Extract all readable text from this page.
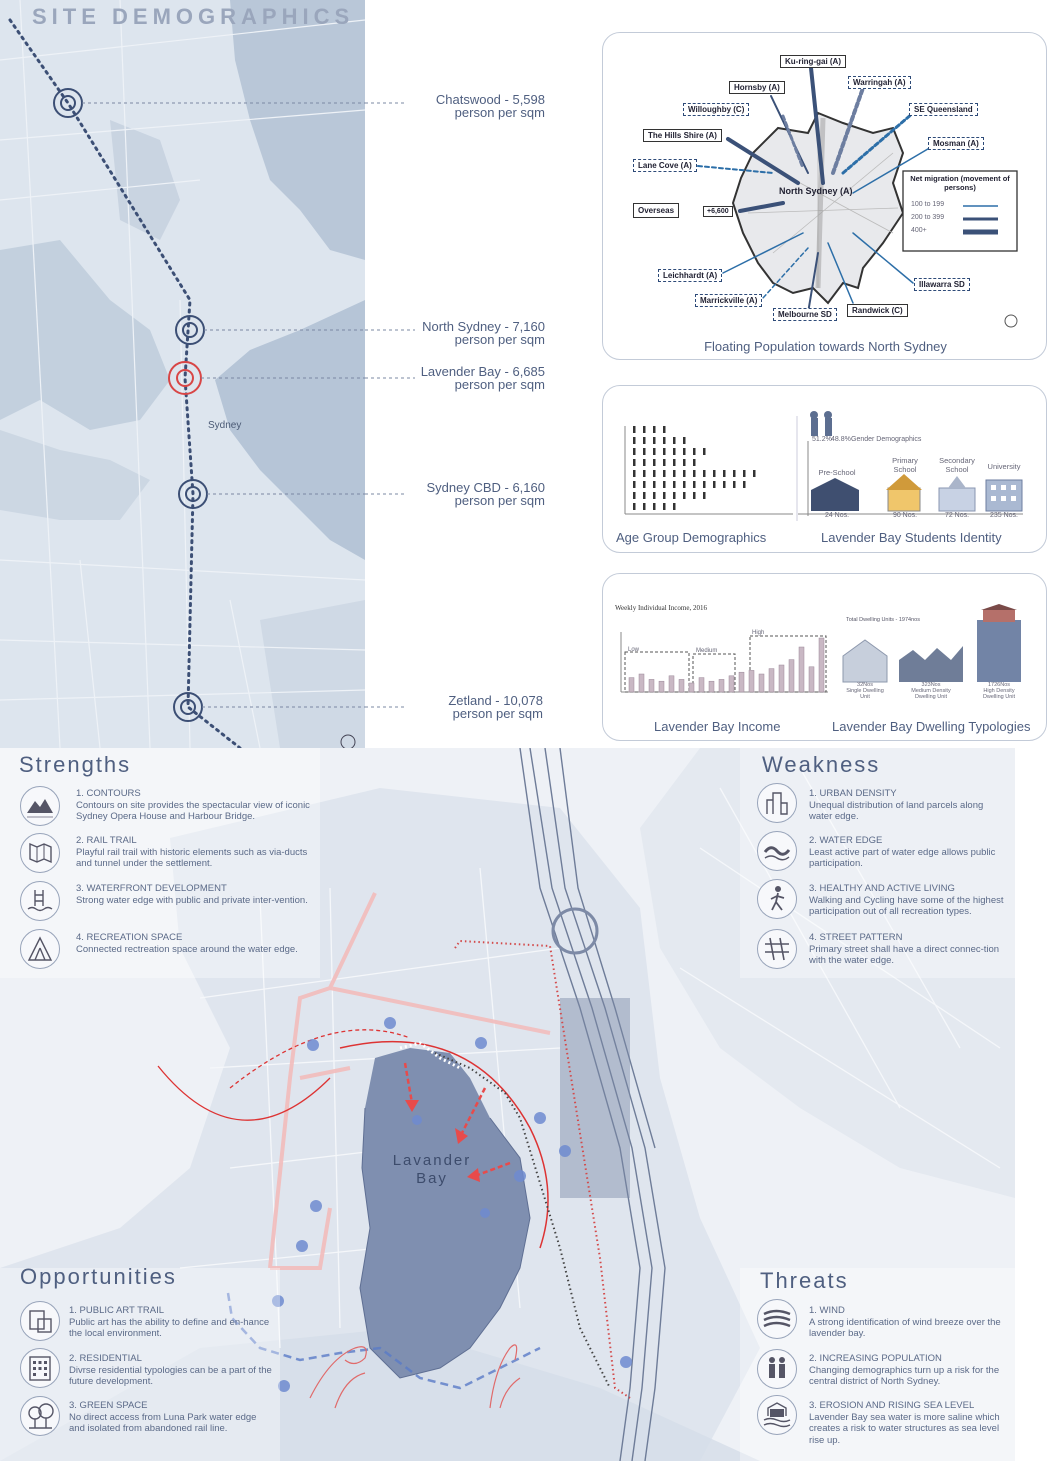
SITE DEMOGRAPHICS
Sydney
Chatswood - 5,598
person per sqm
North Sydney - 7,160
person per sqm
Lavender Bay - 6,685
person per sqm
Sydney CBD - 6,160
person per sqm
Zetland - 10,078
person per sqm
Ku-ring-gai (A)
Warringah (A)
Hornsby (A)
Willoughby (C)	SE Queensland
The Hills Shire (A)
Mosman (A)
Lane Cove (A)
North Sydney (A)
Overseas	+6,600
Leichhardt (A)
Marrickville (A)
Melbourne SD	Randwick (C)
Illawarra SD
Net migration (movement of persons)
100 to 199
200 to 399
400+
Floating Population towards North Sydney
51.2% 48.8% Gender Demographics
Pre-School
Primary School
Secondary School	University
24 Nos.	90 Nos.	72 Nos.	235 Nos.
Age Group Demographics	Lavender Bay Students Identity
Weekly Individual Income, 2016
Low	Medium
High
Total Dwelling Units - 1974nos
32Nos
Single Dwelling Unit
323Nos
Medium Density Dwelling Unit
1726Nos
High Density Dwelling Unit
Lavender Bay Income	Lavender Bay Dwelling Typologies
Lavander Bay
Strengths
1. CONTOURS
Contours on site provides the spectacular view of iconic Sydney Opera House and Harbour Bridge.
2. RAIL TRAIL
Playful rail trail with historic elements such as via-ducts and tunnel under the settlement.
3. WATERFRONT DEVELOPMENT
Strong water edge with public and private inter-vention.
4. RECREATION SPACE
Connected rectreation space around the water edge.
Weakness
1. URBAN DENSITY
Unequal distribution of land parcels along water edge.
2. WATER EDGE
Least active part of water edge allows public participation.
3. HEALTHY AND ACTIVE LIVING
Walking and Cycling have some of the highest participation out of all recreation types.
4. STREET PATTERN
Primary street shall have a direct connec-tion with the water edge.
Opportunities
1. PUBLIC ART TRAIL
Public art has the ability to define and en-hance the local environment.
2. RESIDENTIAL
Divrse residential typologies can be a part of the future development.
3. GREEN SPACE
No direct access from Luna Park water edge and isolated from abandoned rail line.
Threats
1. WIND
A strong identification of wind breeze over the lavender bay.
2. INCREASING POPULATION
Changing demographics turn up a risk for the central district of North Sydney.
3. EROSION AND RISING SEA LEVEL
Lavender Bay sea water is more saline which creates a risk to water structures as sea level rise up.
